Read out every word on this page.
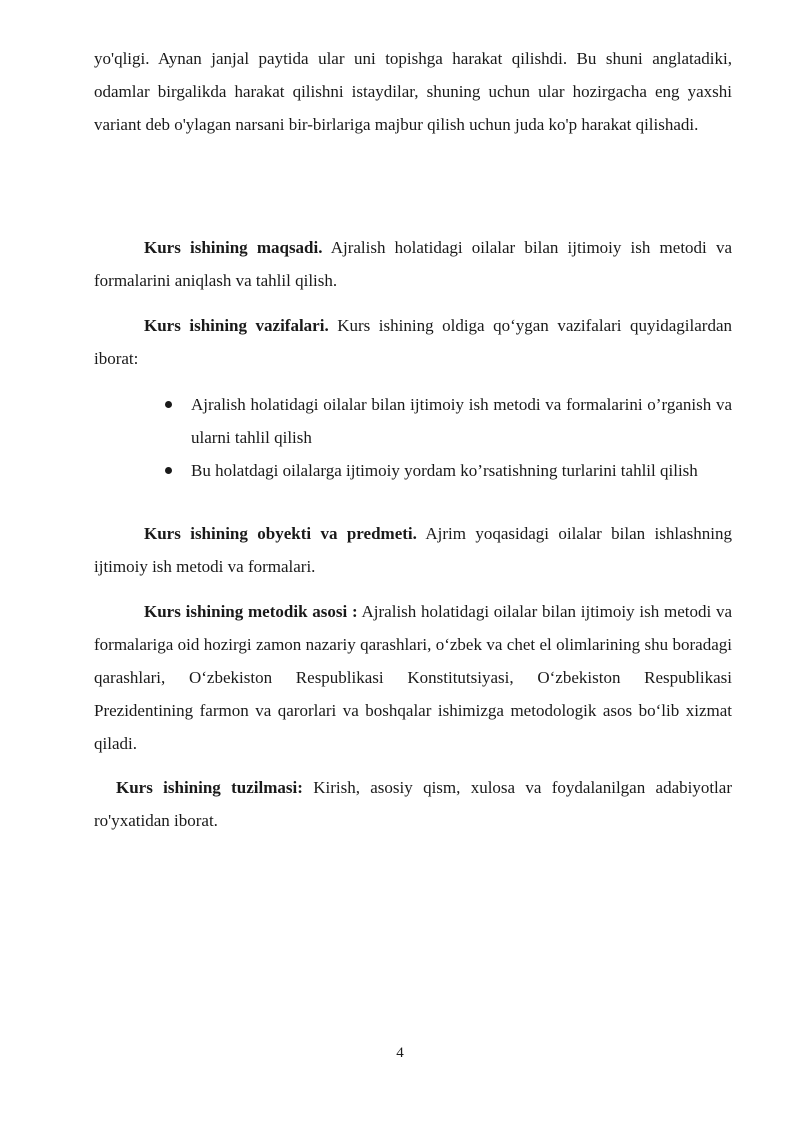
yo'qligi. Aynan janjal paytida ular uni topishga harakat qilishdi. Bu shuni anglatadiki, odamlar birgalikda harakat qilishni istaydilar, shuning uchun ular hozirgacha eng yaxshi variant deb o'ylagan narsani bir-birlariga majbur qilish uchun juda ko'p harakat qilishadi.

Kurs ishining maqsadi. Ajralish holatidagi oilalar bilan ijtimoiy ish metodi va formalarini aniqlash va tahlil qilish.

Kurs ishining vazifalari. Kurs ishining oldiga qo‘ygan vazifalari quyidagilardan iborat:

Ajralish holatidagi oilalar bilan ijtimoiy ish metodi va formalarini o’rganish va ularni tahlil qilish
Bu holatdagi oilalarga ijtimoiy yordam ko’rsatishning turlarini tahlil qilish

Kurs ishining obyekti va predmeti. Ajrim yoqasidagi oilalar bilan ishlashning ijtimoiy ish metodi va formalari.

Kurs ishining metodik asosi : Ajralish holatidagi oilalar bilan ijtimoiy ish metodi va formalariga oid hozirgi zamon nazariy qarashlari, o‘zbek va chet el olimlarining shu boradagi qarashlari, O‘zbekiston Respublikasi Konstitutsiyasi, O‘zbekiston Respublikasi Prezidentining farmon va qarorlari va boshqalar ishimizga metodologik asos bo‘lib xizmat qiladi.

Kurs ishining tuzilmasi: Kirish, asosiy qism, xulosa va foydalanilgan adabiyotlar ro'yxatidan iborat.

4
